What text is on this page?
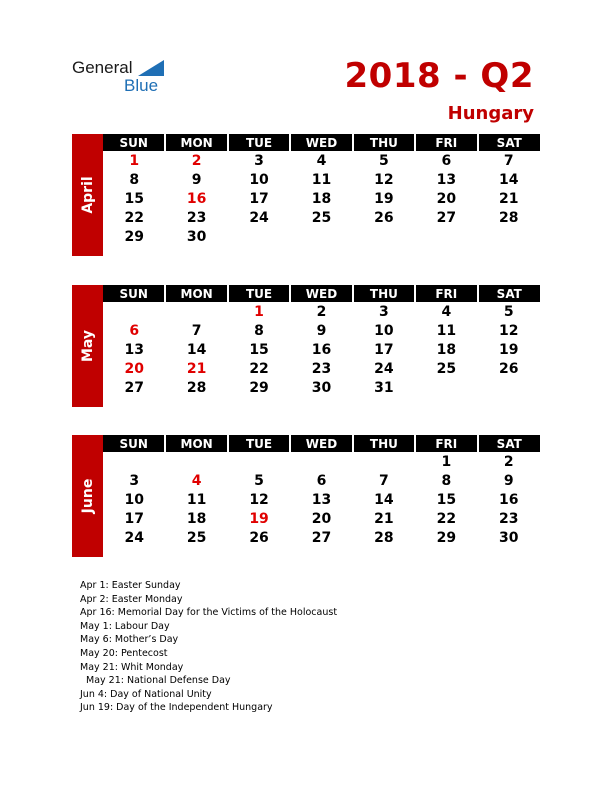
General
Blue	2018 - Q2
Hungary
April
SUN	MON	TUE	WED	THU	FRI	SAT
1	2	3	4	5	6	7
8	9	10	11	12	13	14
15	16	17	18	19	20	21
22	23	24	25	26	27	28
29	30					

May
SUN	MON	TUE	WED	THU	FRI	SAT
		1	2	3	4	5
6	7	8	9	10	11	12
13	14	15	16	17	18	19
20	21	22	23	24	25	26
27	28	29	30	31		

June
SUN	MON	TUE	WED	THU	FRI	SAT
					1	2
3	4	5	6	7	8	9
10	11	12	13	14	15	16
17	18	19	20	21	22	23
24	25	26	27	28	29	30

Apr 1: Easter Sunday
Apr 2: Easter Monday
Apr 16: Memorial Day for the Victims of the Holocaust
May 1: Labour Day
May 6: Mother’s Day
May 20: Pentecost
May 21: Whit Monday
May 21: National Defense Day
Jun 4: Day of National Unity
Jun 19: Day of the Independent Hungary
